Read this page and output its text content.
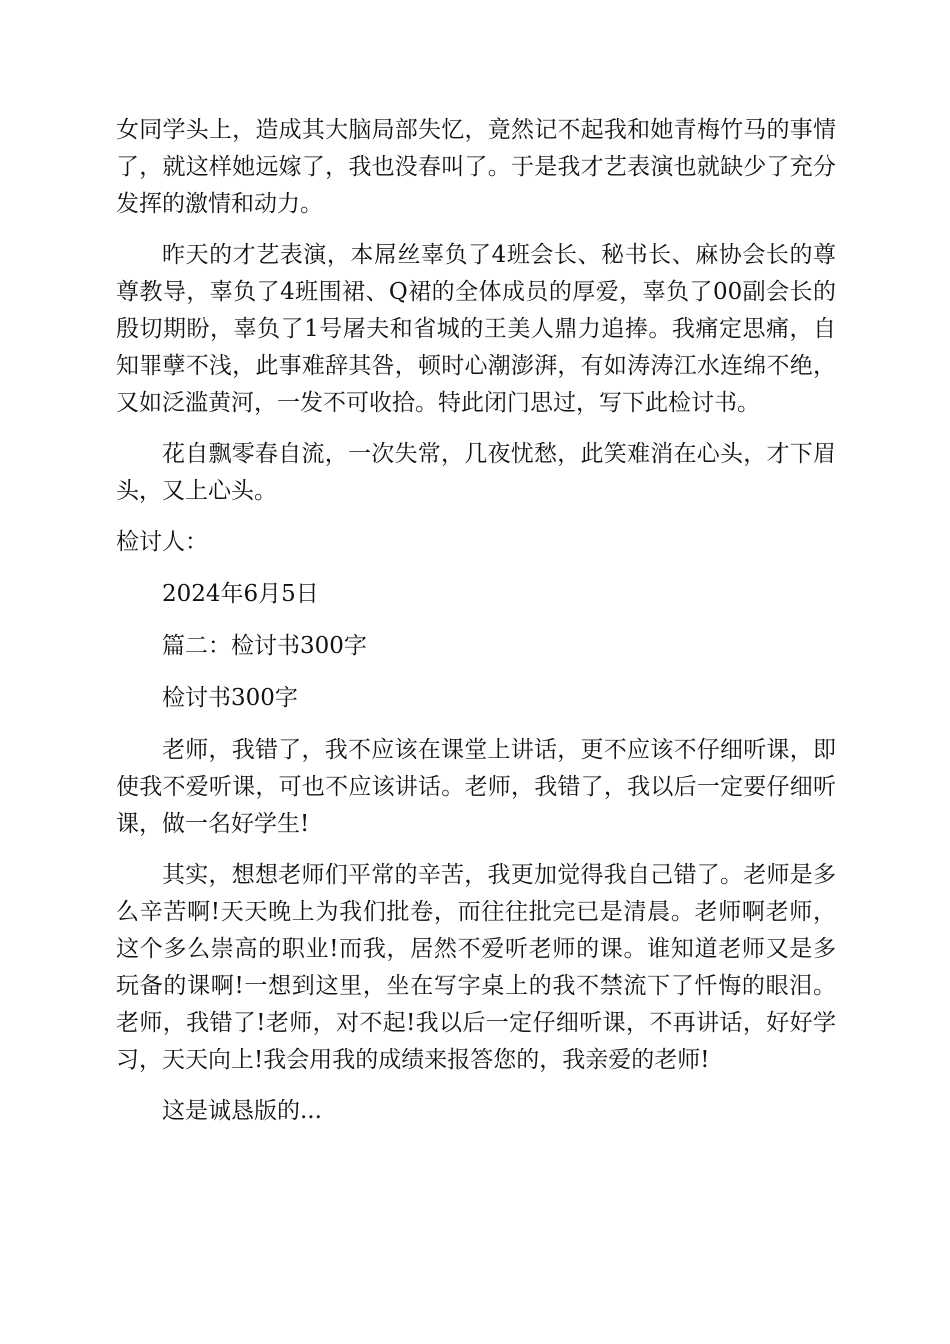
女同学头上，造成其大脑局部失忆，竟然记不起我和她青梅竹马的事情了，就这样她远嫁了，我也没春叫了。于是我才艺表演也就缺少了充分发挥的激情和动力。

昨天的才艺表演，本屌丝辜负了4班会长、秘书长、麻协会长的尊尊教导，辜负了4班围裙、Q裙的全体成员的厚爱，辜负了00副会长的殷切期盼，辜负了1号屠夫和省城的王美人鼎力追捧。我痛定思痛，自知罪孽不浅，此事难辞其咎，顿时心潮澎湃，有如涛涛江水连绵不绝，又如泛滥黄河，一发不可收拾。特此闭门思过，写下此检讨书。

花自飘零春自流，一次失常，几夜忧愁，此笑难消在心头，才下眉头，又上心头。

检讨人：

2024年6月5日

篇二：检讨书300字

检讨书300字

老师，我错了，我不应该在课堂上讲话，更不应该不仔细听课，即使我不爱听课，可也不应该讲话。老师，我错了，我以后一定要仔细听课，做一名好学生!

其实，想想老师们平常的辛苦，我更加觉得我自己错了。老师是多么辛苦啊!天天晚上为我们批卷，而往往批完已是清晨。老师啊老师，这个多么崇高的职业!而我，居然不爱听老师的课。谁知道老师又是多玩备的课啊!一想到这里，坐在写字桌上的我不禁流下了忏悔的眼泪。老师，我错了!老师，对不起!我以后一定仔细听课，不再讲话，好好学习，天天向上!我会用我的成绩来报答您的，我亲爱的老师!

这是诚恳版的...
